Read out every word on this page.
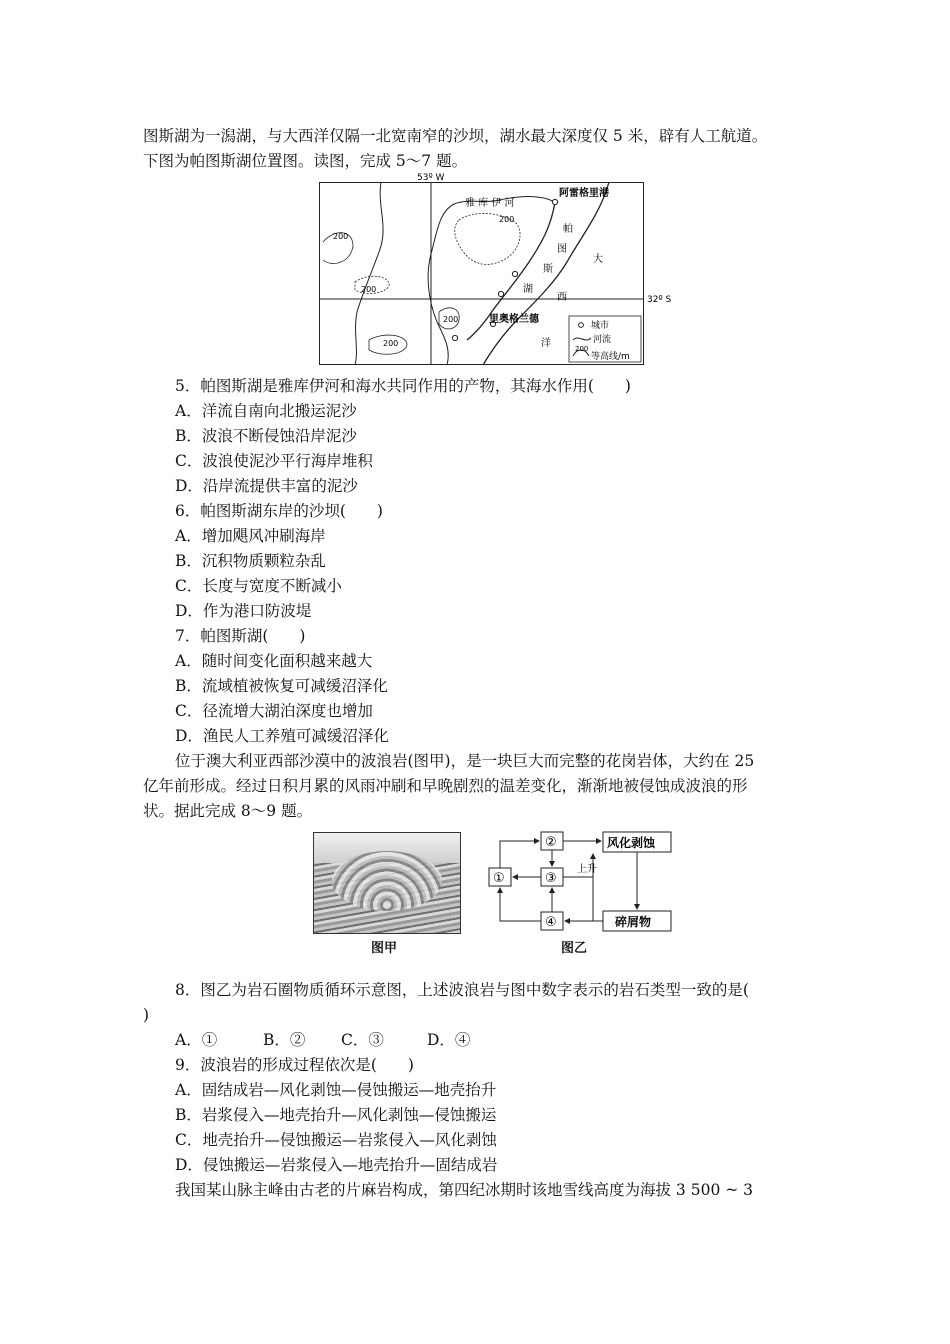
图斯湖为一潟湖，与大西洋仅隔一北宽南窄的沙坝，湖水最大深度仅 5 米，辟有人工航道。
下图为帕图斯湖位置图。读图，完成 5～7 题。
53º W
雅 库 伊 河
阿雷格里港
帕
图
斯
湖
大
西
洋
32º S
里奥格兰德
200
200
200
200
200
城市
河流
200
等高线/m
5．帕图斯湖是雅库伊河和海水共同作用的产物，其海水作用(　　)
A．洋流自南向北搬运泥沙
B．波浪不断侵蚀沿岸泥沙
C．波浪使泥沙平行海岸堆积
D．沿岸流提供丰富的泥沙
6．帕图斯湖东岸的沙坝(　　)
A．增加飓风冲刷海岸
B．沉积物质颗粒杂乱
C．长度与宽度不断减小
D．作为港口防波堤
7．帕图斯湖(　　)
A．随时间变化面积越来越大
B．流域植被恢复可减缓沼泽化
C．径流增大湖泊深度也增加
D．渔民人工养殖可减缓沼泽化
位于澳大利亚西部沙漠中的波浪岩(图甲)，是一块巨大而完整的花岗岩体，大约在 25
亿年前形成。经过日积月累的风雨冲刷和早晚剧烈的温差变化，渐渐地被侵蚀成波浪的形
状。据此完成 8～9 题。
图甲
①
②
③
④
风化剥蚀
碎屑物
上升
图乙
8．图乙为岩石圈物质循环示意图，上述波浪岩与图中数字表示的岩石类型一致的是(
)
A．①	B．② C．③	D．④
9．波浪岩的形成过程依次是(　　)
A．固结成岩—风化剥蚀—侵蚀搬运—地壳抬升
B．岩浆侵入—地壳抬升—风化剥蚀—侵蚀搬运
C．地壳抬升—侵蚀搬运—岩浆侵入—风化剥蚀
D．侵蚀搬运—岩浆侵入—地壳抬升—固结成岩
我国某山脉主峰由古老的片麻岩构成，第四纪冰期时该地雪线高度为海拔 3 500 ~ 3
